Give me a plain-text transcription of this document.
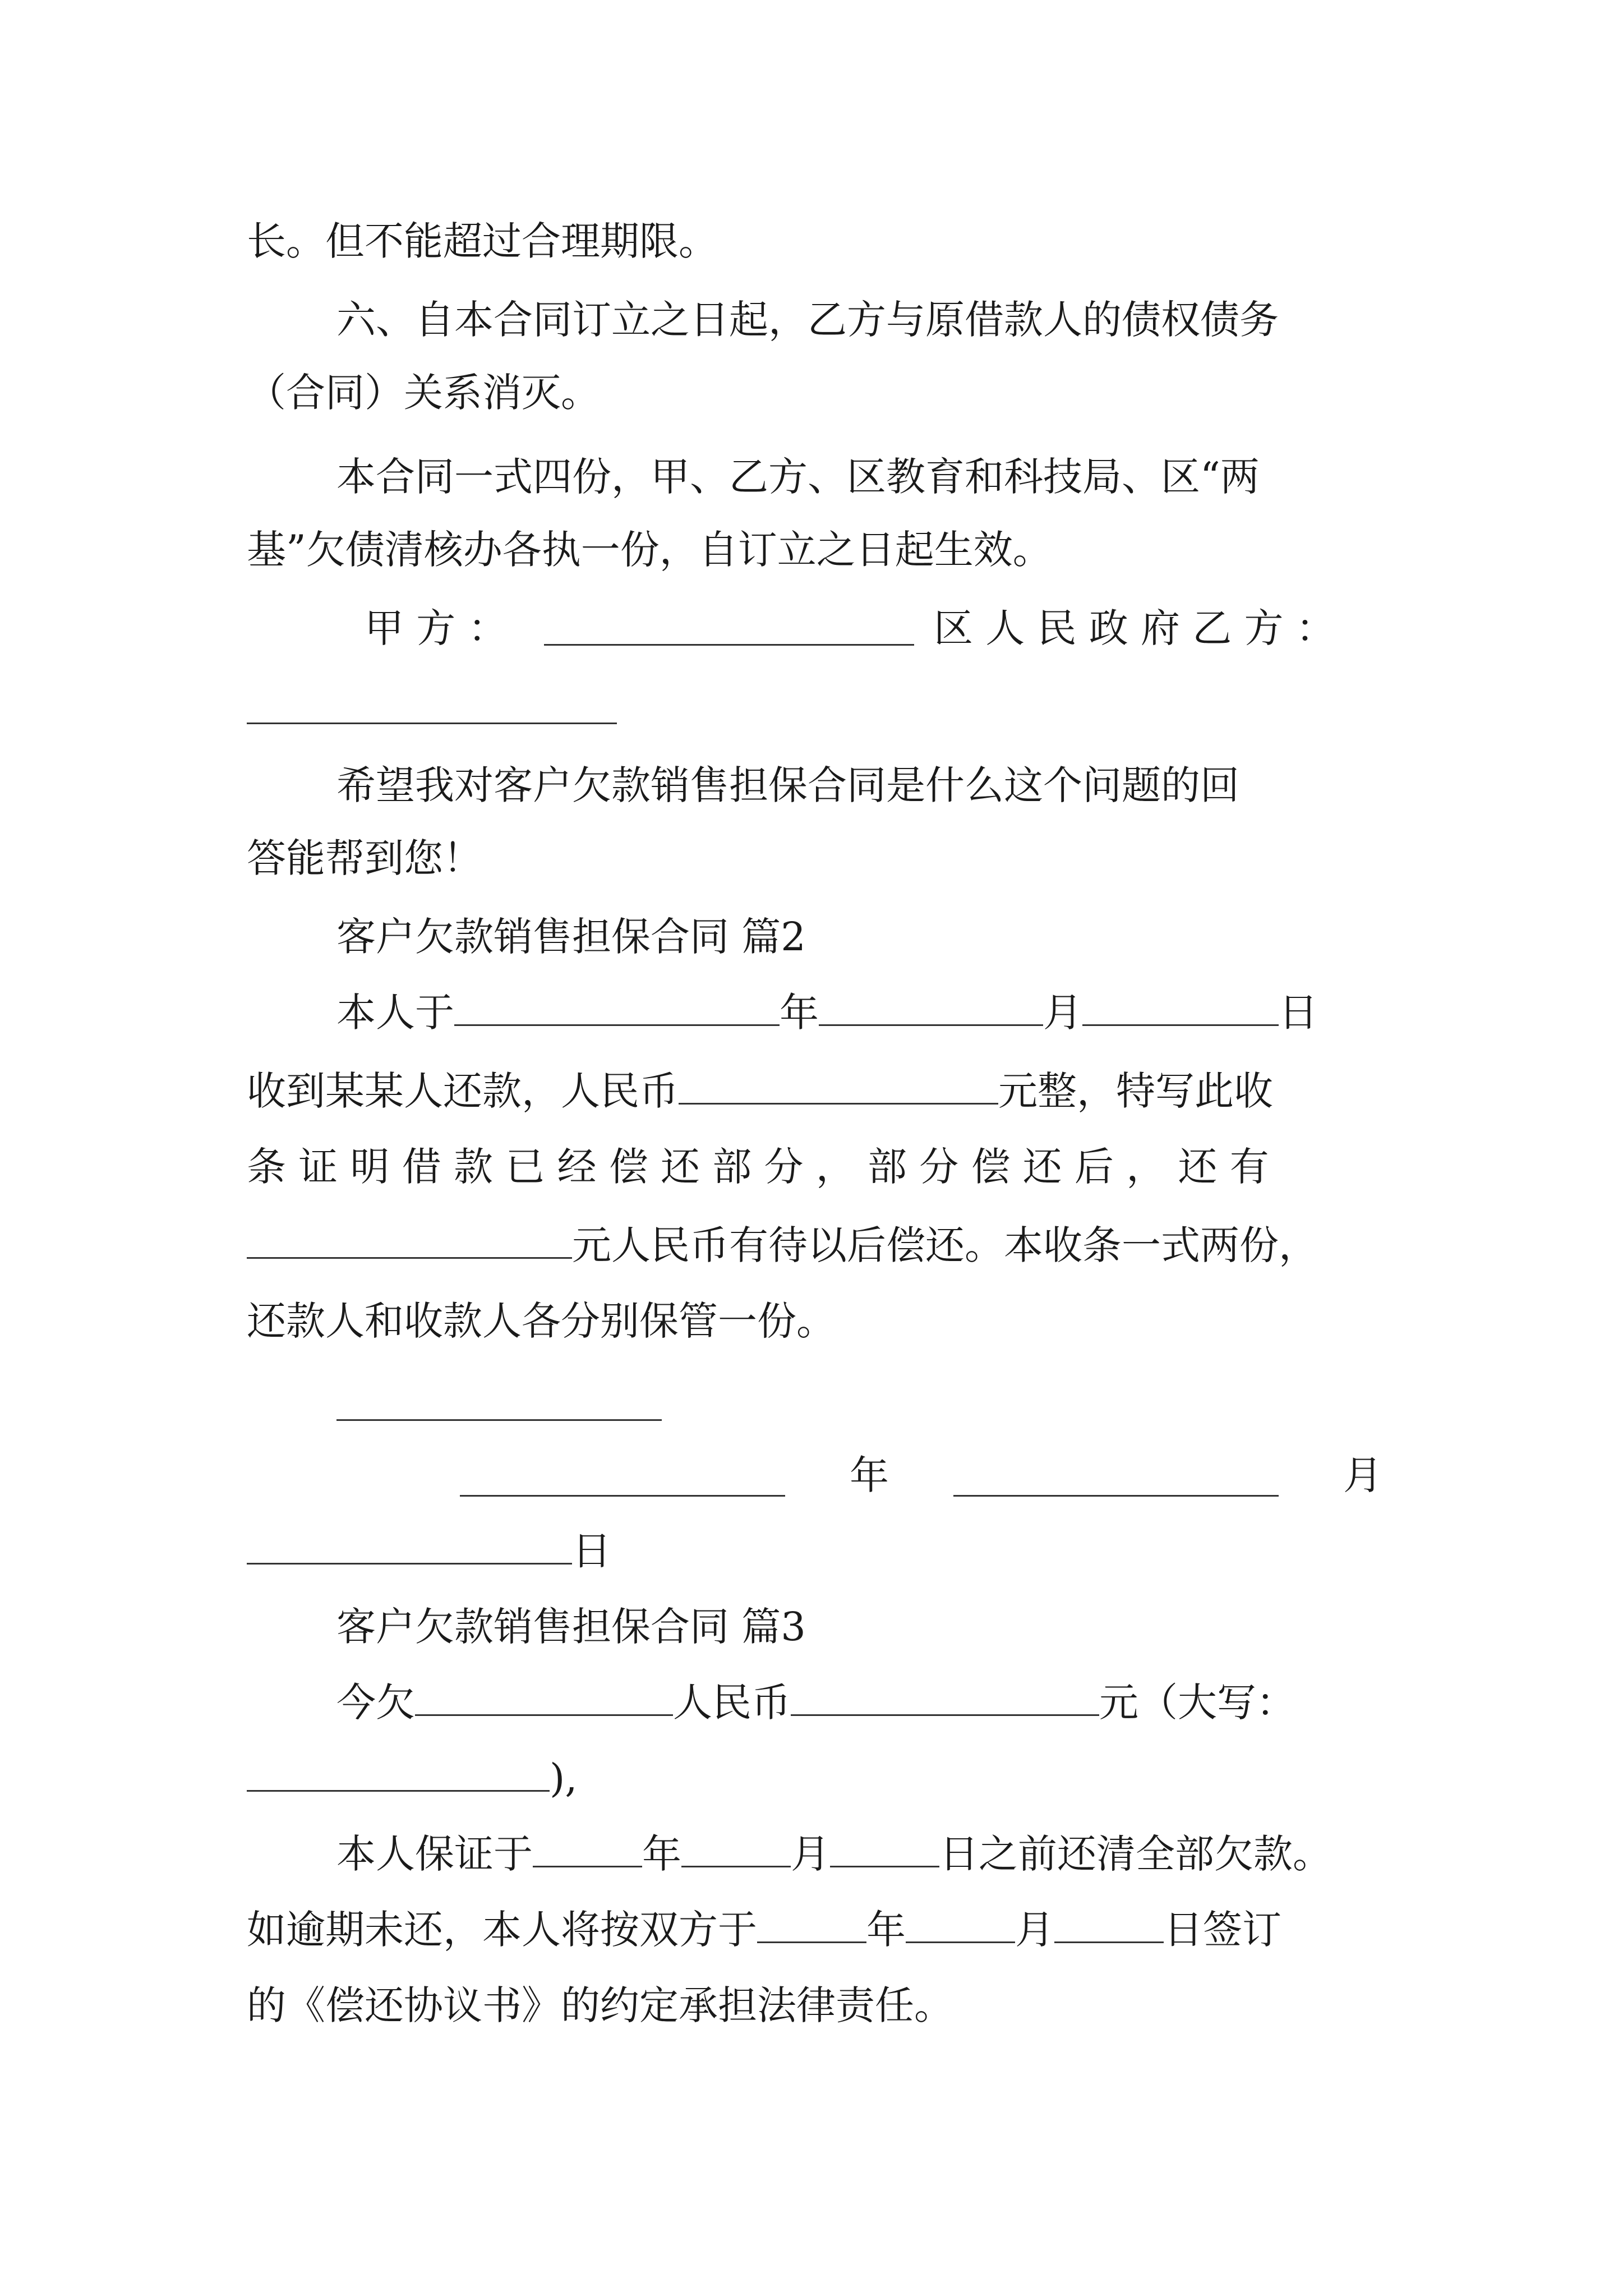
长。但不能超过合理期限。
六、自本合同订立之日起，乙方与原借款人的债权债务
（合同）关系消灭。
本合同一式四份，甲、乙方、区教育和科技局、区“两
基”欠债清核办各执一份，自订立之日起生效。
甲 方 ：	区 人 民 政 府 乙 方 ：
希望我对客户欠款销售担保合同是什么这个问题的回
答能帮到您！
客户欠款销售担保合同 篇2
本人于	年	月	日
收到某某人还款，人民币	元整，特写此收
条 证 明 借 款 已 经 偿 还 部 分 ， 部 分 偿 还 后 ， 还 有
元人民币有待以后偿还。本收条一式两份，
还款人和收款人各分别保管一份。
年	月
日
客户欠款销售担保合同 篇3
今欠	人民币	元（大写：
),
本人保证于	年	月	日之前还清全部欠款。
如逾期未还，本人将按双方于	年	月	日签订
的《偿还协议书》的约定承担法律责任。
